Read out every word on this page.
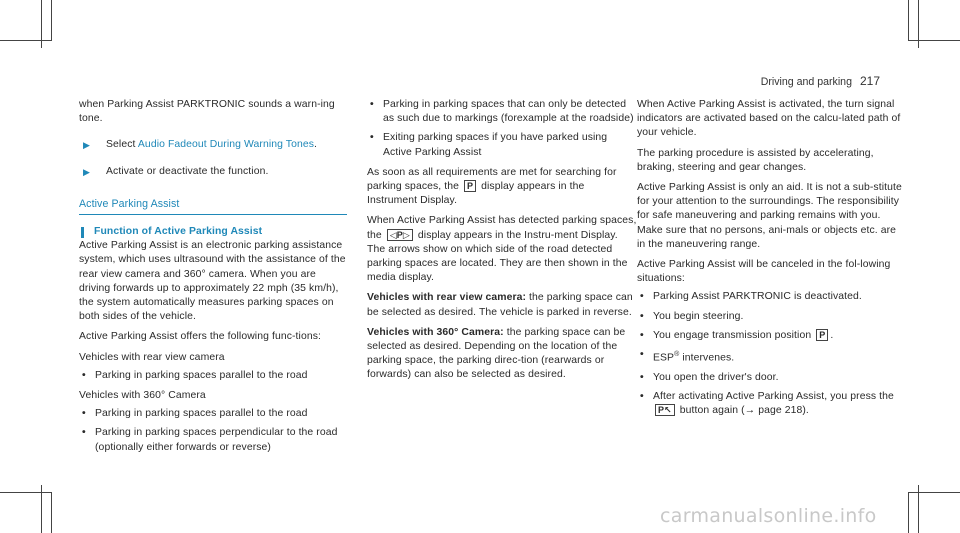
Driving and parking 217

when Parking Assist PARKTRONIC sounds a warn-ing tone.

▶	Select Audio Fadeout During Warning Tones.
▶	Activate or deactivate the function.
Active Parking Assist
Function of Active Parking Assist

Active Parking Assist is an electronic parking assistance system, which uses ultrasound with the assistance of the rear view camera and 360° camera. When you are driving forwards up to approximately 22 mph (35 km/h), the system automatically measures parking spaces on both sides of the vehicle.

Active Parking Assist offers the following func-tions:

Vehicles with rear view camera

• Parking in parking spaces parallel to the road

Vehicles with 360° Camera

• Parking in parking spaces parallel to the road
• Parking in parking spaces perpendicular to the road (optionally either forwards or reverse)
• Parking in parking spaces that can only be detected as such due to markings (forexample at the roadside)
• Exiting parking spaces if you have parked using Active Parking Assist

As soon as all requirements are met for searching for parking spaces, the P display appears in the Instrument Display.

When Active Parking Assist has detected parking spaces, the ◁P▷ display appears in the Instru-ment Display. The arrows show on which side of the road detected parking spaces are located. They are then shown in the media display.

Vehicles with rear view camera: the parking space can be selected as desired. The vehicle is parked in reverse.

Vehicles with 360° Camera: the parking space can be selected as desired. Depending on the location of the parking space, the parking direc-tion (rearwards or forwards) can also be selected as desired.

When Active Parking Assist is activated, the turn signal indicators are activated based on the calcu-lated path of your vehicle.

The parking procedure is assisted by accelerating, braking, steering and gear changes.

Active Parking Assist is only an aid. It is not a sub-stitute for your attention to the surroundings. The responsibility for safe maneuvering and parking remains with you. Make sure that no persons, ani-mals or objects etc. are in the maneuvering range.

Active Parking Assist will be canceled in the fol-lowing situations:

• Parking Assist PARKTRONIC is deactivated.
• You begin steering.
• You engage transmission position P .
• ESP® intervenes.
• You open the driver's door.
• After activating Active Parking Assist, you press the P↖ button again (→ page 218).
carmanualsonline.info
